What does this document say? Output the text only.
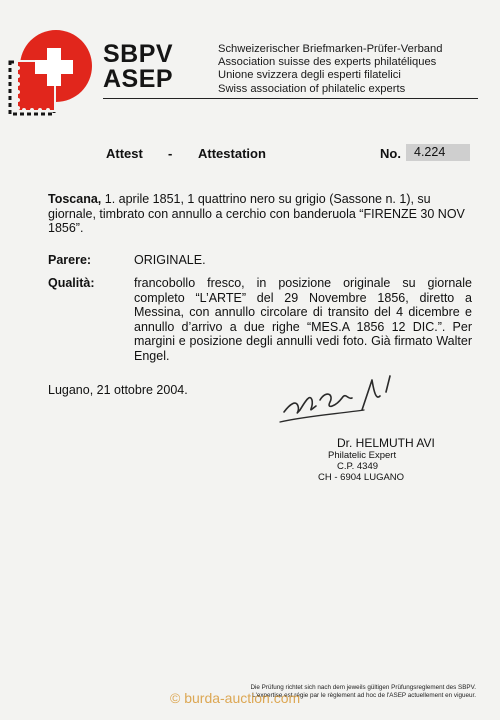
SBPV
ASEP
Schweizerischer Briefmarken-Prüfer-Verband
Association suisse des experts philatéliques
Unione svizzera degli esperti filatelici
Swiss association of philatelic experts
Attest - Attestation	No.	4.224
Toscana, 1. aprile 1851, 1 quattrino nero su grigio (Sassone n. 1), su giornale, timbrato con annullo a cerchio con banderuola “FIRENZE 30 NOV 1856”.
Parere:	ORIGINALE.
Qualità:	francobollo fresco, in posizione originale su giornale completo “L’ARTE” del 29 Novembre 1856, diretto a Messina, con annullo circolare di transito del 4 dicembre e annullo d’arrivo a due righe “MES.A 1856 12 DIC.”. Per margini e posizione degli annulli vedi foto. Già firmato Walter Engel.
Lugano, 21 ottobre 2004.
Dr. HELMUTH AVI
Philatelic Expert
C.P. 4349
CH - 6904 LUGANO
Die Prüfung richtet sich nach dem jeweils gültigen Prüfungsreglement des SBPV.
L'expertise est régie par le règlement ad hoc de l'ASEP actuellement en vigueur.
© burda-auction.com
